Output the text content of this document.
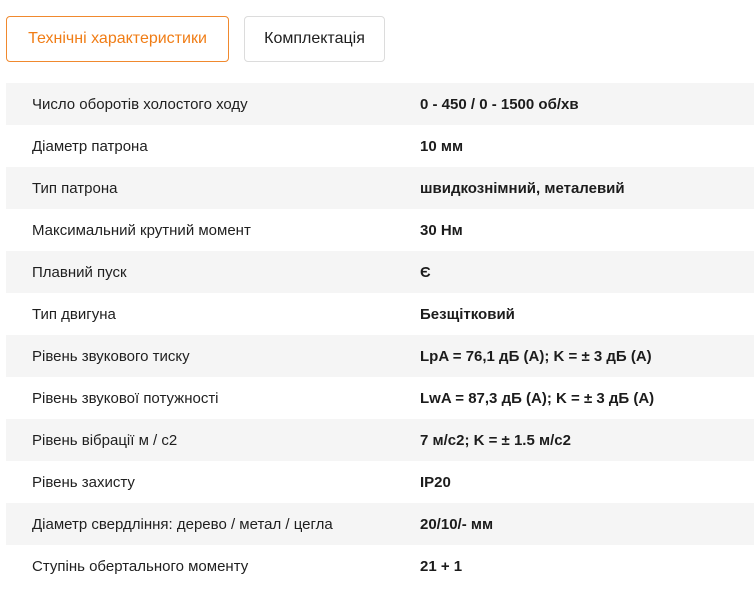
Технічні характеристики	Комплектація
Число оборотів холостого ходу	0 - 450 / 0 - 1500 об/хв
Діаметр патрона	10 мм
Тип патрона	швидкознімний, металевий
Максимальний крутний момент	30 Нм
Плавний пуск	Є
Тип двигуна	Безщітковий
Рівень звукового тиску	LpA = 76,1 дБ (A); K = ± 3 дБ (A)
Рівень звукової потужності	LwA = 87,3 дБ (A); K = ± 3 дБ (A)
Рівень вібрації м / с2	7 м/с2; K = ± 1.5 м/с2
Рівень захисту	IP20
Діаметр свердління: дерево / метал / цегла	20/10/- мм
Ступінь обертального моменту	21 + 1
